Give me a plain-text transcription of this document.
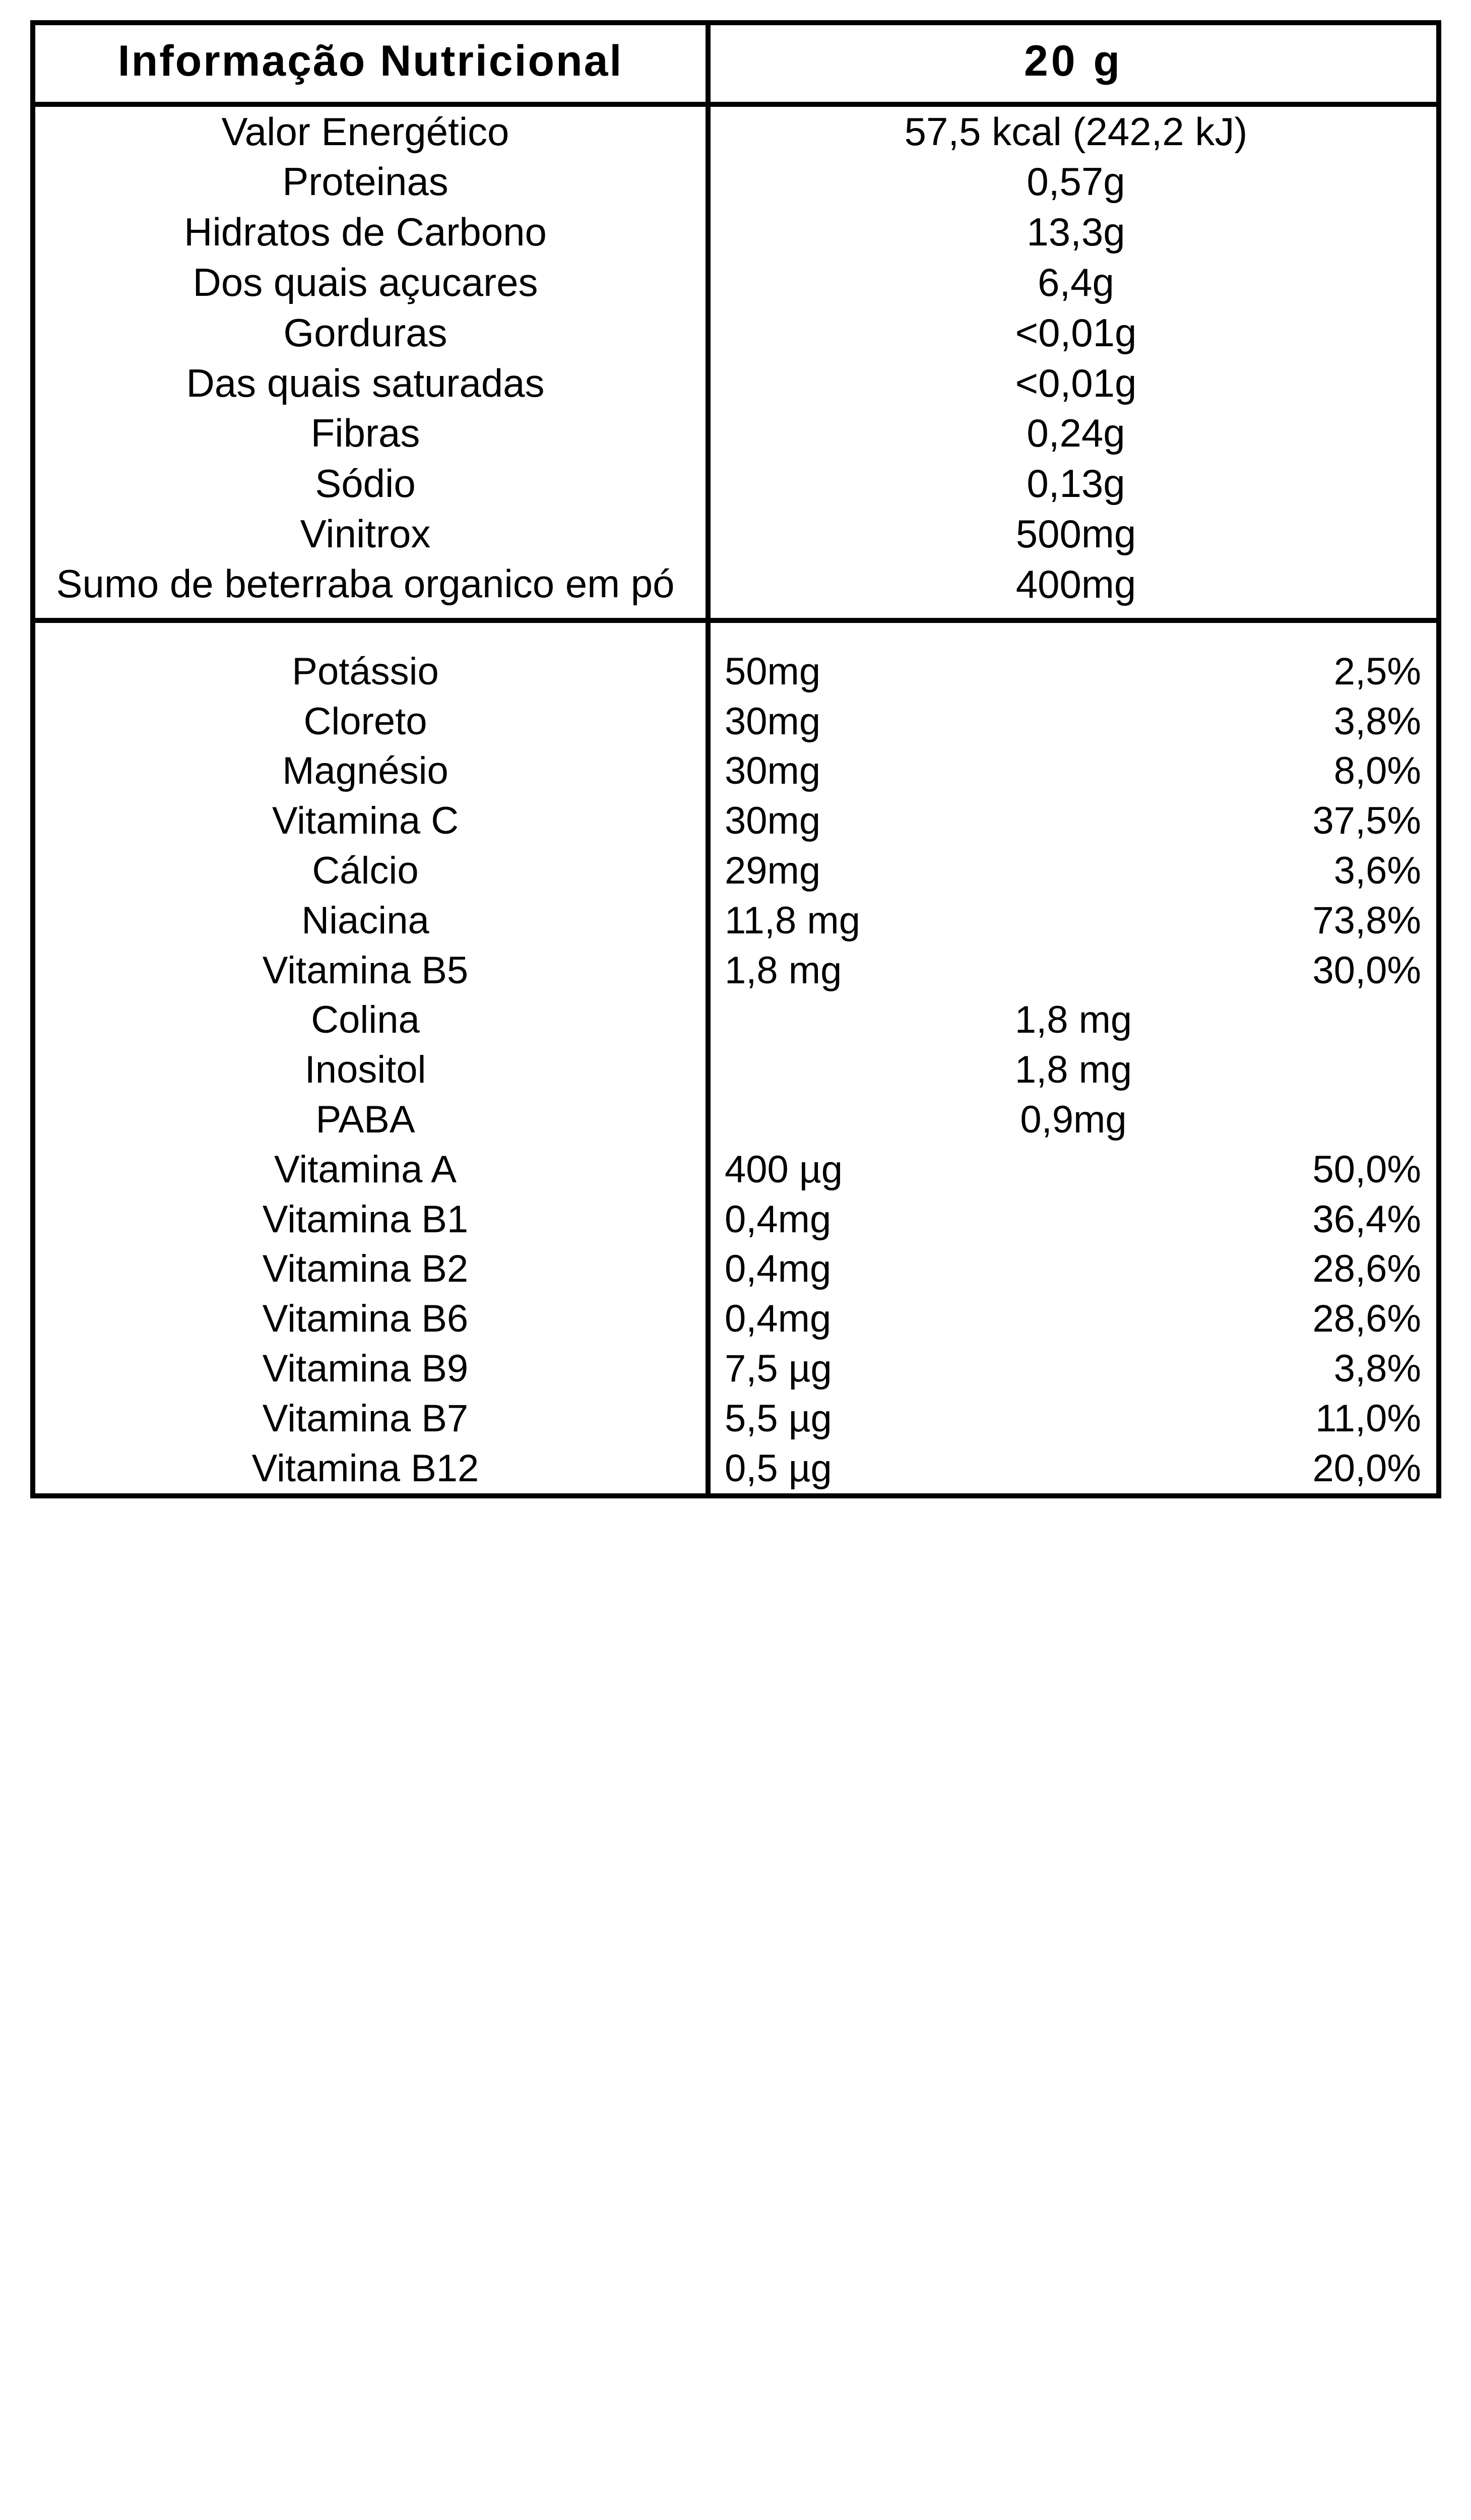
Informação Nutricional	20 g	
Valor Energético	57,5 kcal (242,2 kJ)	
Proteinas	0,57g	
Hidratos de Carbono	13,3g	
Dos quais açucares	6,4g	
Gorduras	<0,01g	
Das quais saturadas	<0,01g	
Fibras	0,24g	
Sódio	0,13g	
Vinitrox	500mg	
Sumo de beterraba organico em pó	400mg	

Potássio	50mg	2,5%
Cloreto	30mg	3,8%
Magnésio	30mg	8,0%
Vitamina C	30mg	37,5%
Cálcio	29mg	3,6%
Niacina	11,8 mg	73,8%
Vitamina B5	1,8 mg	30,0%
Colina	1,8 mg	
Inositol	1,8 mg	
PABA	0,9mg	
Vitamina A	400 µg	50,0%
Vitamina B1	0,4mg	36,4%
Vitamina B2	0,4mg	28,6%
Vitamina B6	0,4mg	28,6%
Vitamina B9	7,5 µg	3,8%
Vitamina B7	5,5 µg	11,0%
Vitamina B12	0,5 µg	20,0%
